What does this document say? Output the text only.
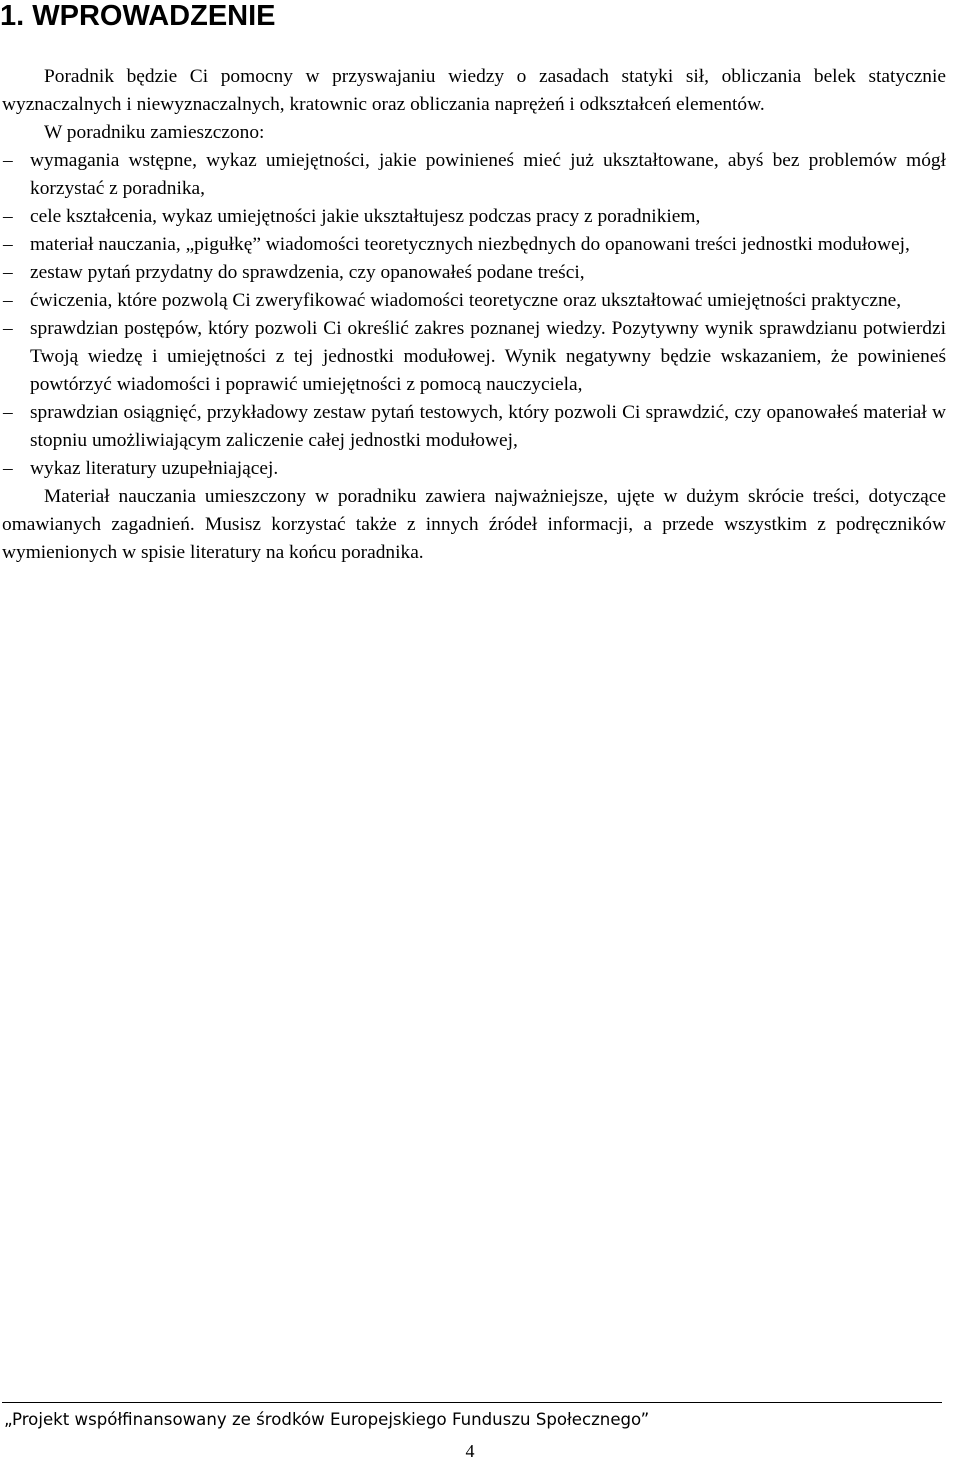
1. WPROWADZENIE

Poradnik będzie Ci pomocny w przyswajaniu wiedzy o zasadach statyki sił, obliczania belek statycznie wyznaczalnych i niewyznaczalnych, kratownic oraz obliczania naprężeń i odkształceń elementów.

W poradniku zamieszczono:

– wymagania wstępne, wykaz umiejętności, jakie powinieneś mieć już ukształtowane, abyś bez problemów mógł korzystać z poradnika,
– cele kształcenia, wykaz umiejętności jakie ukształtujesz podczas pracy z poradnikiem,
– materiał nauczania, „pigułkę” wiadomości teoretycznych niezbędnych do opanowani treści jednostki modułowej,
– zestaw pytań przydatny do sprawdzenia, czy opanowałeś podane treści,
– ćwiczenia, które pozwolą Ci zweryfikować wiadomości teoretyczne oraz ukształtować umiejętności praktyczne,
– sprawdzian postępów, który pozwoli Ci określić zakres poznanej wiedzy. Pozytywny wynik sprawdzianu potwierdzi Twoją wiedzę i umiejętności z tej jednostki modułowej. Wynik negatywny będzie wskazaniem, że powinieneś powtórzyć wiadomości i poprawić umiejętności z pomocą nauczyciela,
– sprawdzian osiągnięć, przykładowy zestaw pytań testowych, który pozwoli Ci sprawdzić, czy opanowałeś materiał w stopniu umożliwiającym zaliczenie całej jednostki modułowej,
– wykaz literatury uzupełniającej.

Materiał nauczania umieszczony w poradniku zawiera najważniejsze, ujęte w dużym skrócie treści, dotyczące omawianych zagadnień. Musisz korzystać także z innych źródeł informacji, a przede wszystkim z podręczników wymienionych w spisie literatury na końcu poradnika.

„Projekt współfinansowany ze środków Europejskiego Funduszu Społecznego”
4
